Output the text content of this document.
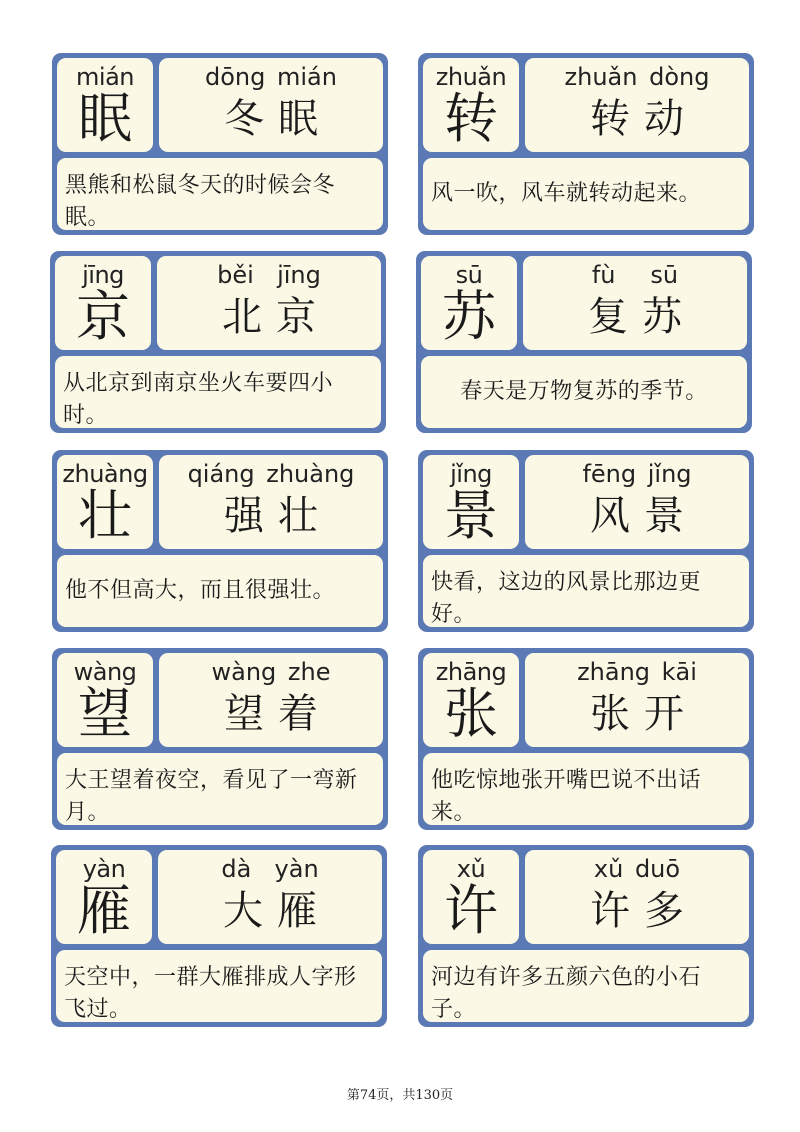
mián
眠
dōng mián
冬眠
黑熊和松鼠冬天的时候会冬眠。
zhuǎn
转
zhuǎn dòng
转动
风一吹，风车就转动起来。
jīng
京
běi  jīng
北京
从北京到南京坐火车要四小时。
sū
苏
fù   sū
复苏
春天是万物复苏的季节。
zhuàng
壮
qiáng zhuàng
强壮
他不但高大，而且很强壮。
jǐng
景
fēng jǐng
风景
快看，这边的风景比那边更好。
wàng
望
wàng zhe
望着
大王望着夜空，看见了一弯新月。
zhāng
张
zhāng kāi
张开
他吃惊地张开嘴巴说不出话来。
yàn
雁
dà  yàn
大雁
天空中，一群大雁排成人字形飞过。
xǔ
许
xǔ duō
许多
河边有许多五颜六色的小石子。
第74页，共130页
